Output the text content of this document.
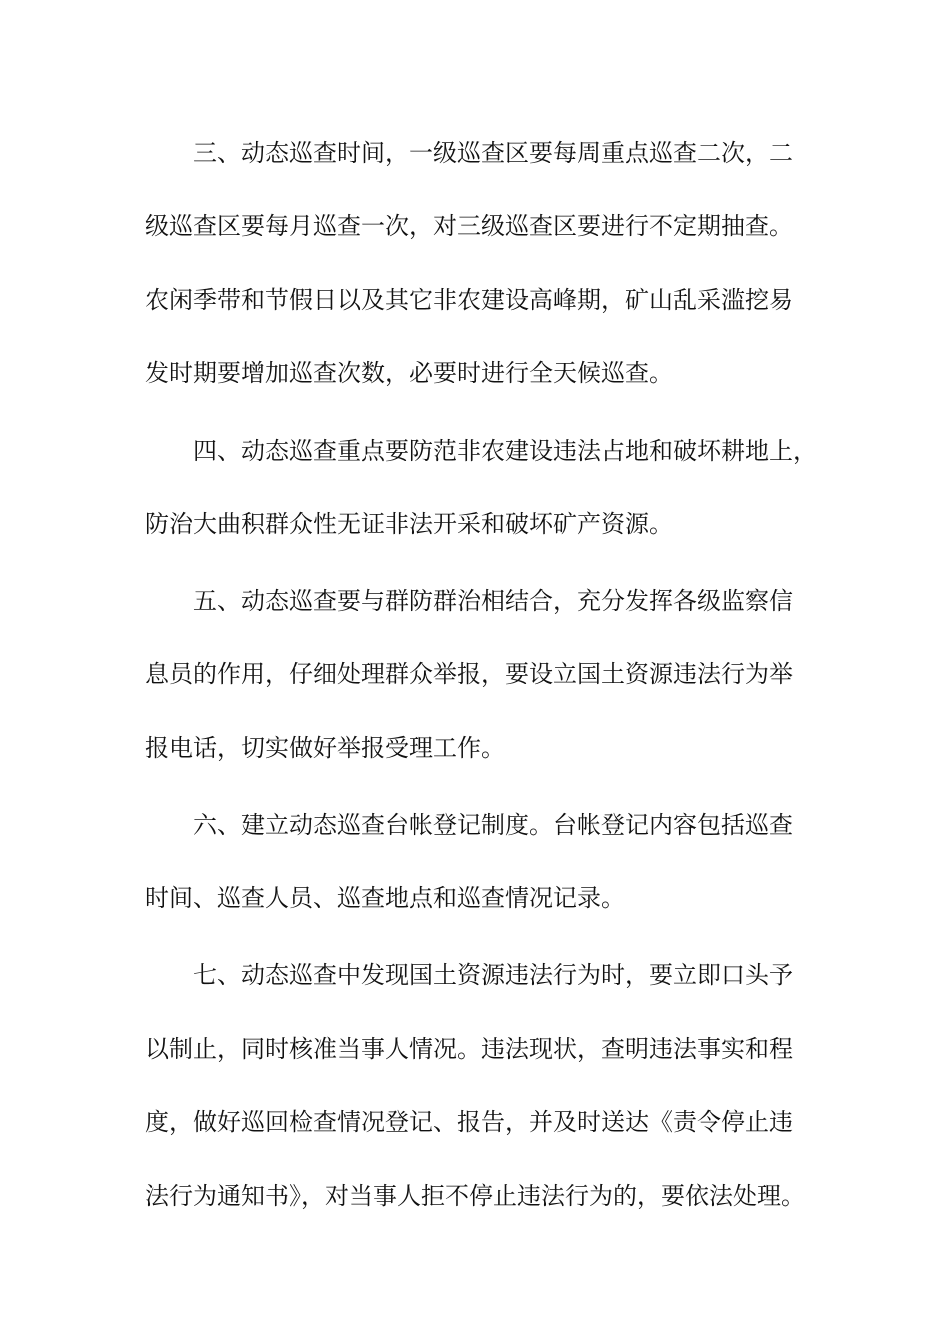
三、动态巡查时间，一级巡查区要每周重点巡查二次，二
级巡查区要每月巡查一次，对三级巡查区要进行不定期抽查。
农闲季带和节假日以及其它非农建设高峰期，矿山乱采滥挖易
发时期要增加巡查次数，必要时进行全天候巡查。
四、动态巡查重点要防范非农建设违法占地和破坏耕地上，
防治大曲积群众性无证非法开采和破坏矿产资源。
五、动态巡查要与群防群治相结合，充分发挥各级监察信
息员的作用，仔细处理群众举报，要设立国土资源违法行为举
报电话，切实做好举报受理工作。
六、建立动态巡查台帐登记制度。台帐登记内容包括巡查
时间、巡查人员、巡查地点和巡查情况记录。
七、动态巡查中发现国土资源违法行为时，要立即口头予
以制止，同时核准当事人情况。违法现状，查明违法事实和程
度，做好巡回检查情况登记、报告，并及时送达《责令停止违
法行为通知书》，对当事人拒不停止违法行为的，要依法处理。
